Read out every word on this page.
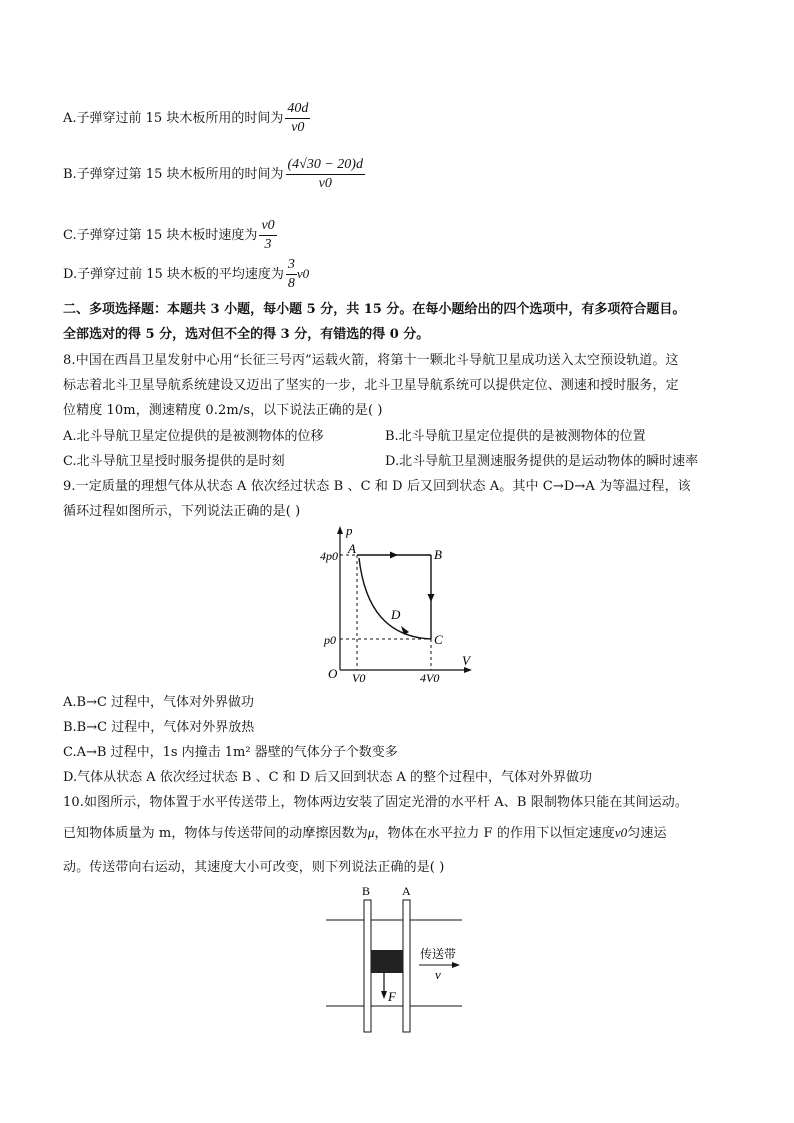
A.子弹穿过前 15 块木板所用的时间为 $\frac{40d}{v0}$
B.子弹穿过第 15 块木板所用的时间为 $\frac{(4√30 - 20)d}{v0}$
C.子弹穿过第 15 块木板时速度为 $\frac{v0}{3}$
D.子弹穿过前 15 块木板的平均速度为 $\frac{3}{8} v0$
二、多项选择题：本题共 3 小题，每小题 5 分，共 15 分。在每小题给出的四个选项中，有多项符合题目。
全部选对的得 5 分，选对但不全的得 3 分，有错选的得 0 分。
8.中国在西昌卫星发射中心用“长征三号丙”运载火箭，将第十一颗北斗导航卫星成功送入太空预设轨道。这
标志着北斗卫星导航系统建设又迈出了坚实的一步，北斗卫星导航系统可以提供定位、测速和授时服务，定
位精度 10m，测速精度 0.2m/s，以下说法正确的是( )
A.北斗导航卫星定位提供的是被测物体的位移	B.北斗导航卫星定位提供的是被测物体的位置
C.北斗导航卫星授时服务提供的是时刻	D.北斗导航卫星测速服务提供的是运动物体的瞬时速率
9.一定质量的理想气体从状态 A 依次经过状态 B 、C 和 D 后又回到状态 A。其中 C→D→A 为等温过程，该
循环过程如图所示，下列说法正确的是( )
p
V
O
4p0
p0
V0	4V0
A	B
C
D
A.B→C 过程中，气体对外界做功
B.B→C 过程中，气体对外界放热
C.A→B 过程中，1s 内撞击 1m² 器壁的气体分子个数变多
D.气体从状态 A 依次经过状态 B 、C 和 D 后又回到状态 A 的整个过程中，气体对外界做功
10.如图所示，物体置于水平传送带上，物体两边安装了固定光滑的水平杆 A、B 限制物体只能在其间运动。
已知物体质量为 m，物体与传送带间的动摩擦因数为μ，物体在水平拉力 F 的作用下以恒定速度v0匀速运
动。传送带向右运动，其速度大小可改变，则下列说法正确的是( )
B	A
传送带
v
F
